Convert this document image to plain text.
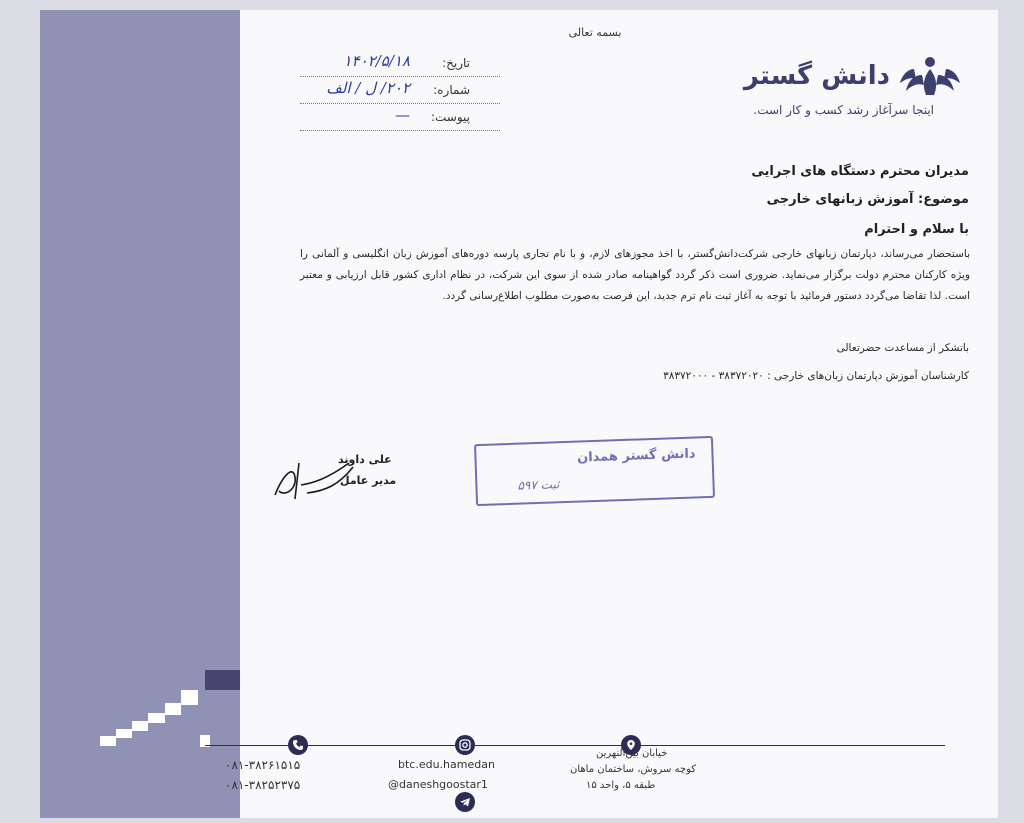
بسمه تعالی
تاریخ:
۱۴۰۲/۵/۱۸
شماره:
۲۰۲/ ل / الف
پیوست:
—
دانش گستر
اینجا سرآغاز رشد کسب و کار است.
مدیران محترم دستگاه های اجرایی
موضوع: آموزش زبانهای خارجی
با سلام و احترام
باستحضار می‌رساند، دپارتمان زبانهای خارجی شرکت‌دانش‌گستر، با اخذ مجوزهای لازم، و با نام تجاری پارسه دوره‌های آموزش زبان انگلیسی و آلمانی را ویژه کارکنان محترم دولت برگزار می‌نماید. ضروری است ذکر گردد گواهینامه صادر شده از سوی این شرکت، در نظام اداری کشور قابل ارزیابی و معتبر است. لذا تقاضا می‌گردد دستور فرمائید با توجه به آغاز ثبت نام ترم جدید، این فرصت به‌صورت مطلوب اطلاع‌رسانی گردد.
باتشکر از مساعدت حضرتعالی
کارشناسان آموزش دپارتمان زبان‌های خارجی : ۳۸۳۷۲۰۲۰ - ۳۸۳۷۲۰۰۰
علی داوند
مدیر عامل
دانش گستر همدان
ثبت ۵۹۷
۰۸۱-۳۸۲۶۱۵۱۵
۰۸۱-۳۸۲۵۲۳۷۵
btc.edu.hamedan
@daneshgoostar1
خیابان بین‌النهرین
کوچه سروش، ساختمان ماهان
طبقه ۵، واحد ۱۵
